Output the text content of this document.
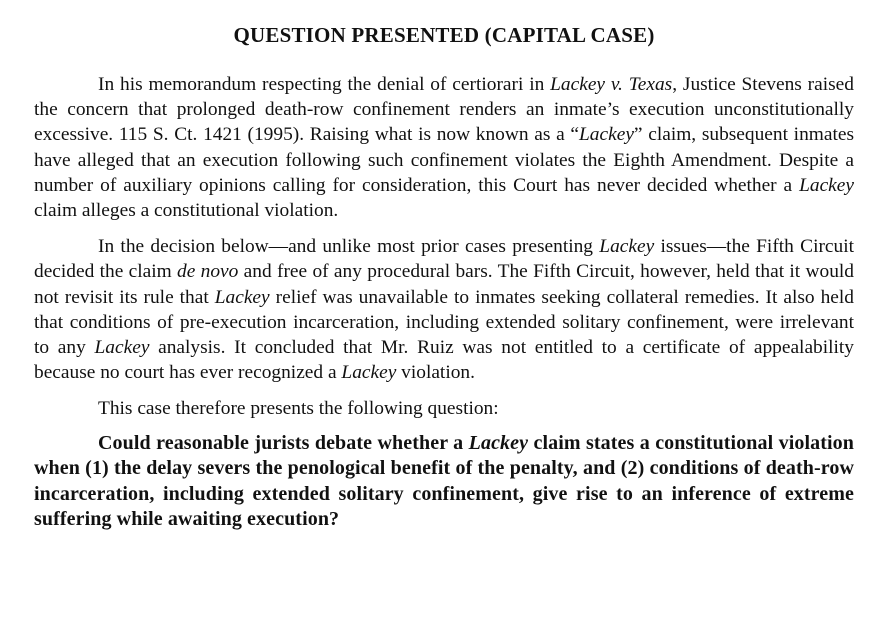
QUESTION PRESENTED (CAPITAL CASE)

In his memorandum respecting the denial of certiorari in Lackey v. Texas, Justice Stevens raised the concern that prolonged death-row confinement renders an inmate’s execution unconstitutionally excessive. 115 S. Ct. 1421 (1995). Raising what is now known as a “Lackey” claim, subsequent inmates have alleged that an execution following such confinement violates the Eighth Amendment. Despite a number of auxiliary opinions calling for consideration, this Court has never decided whether a Lackey claim alleges a constitutional violation.

In the decision below—and unlike most prior cases presenting Lackey issues—the Fifth Circuit decided the claim de novo and free of any procedural bars. The Fifth Circuit, however, held that it would not revisit its rule that Lackey relief was unavailable to inmates seeking collateral remedies. It also held that conditions of pre-execution incarceration, including extended solitary confinement, were irrelevant to any Lackey analysis. It concluded that Mr. Ruiz was not entitled to a certificate of appealability because no court has ever recognized a Lackey violation.

This case therefore presents the following question:

Could reasonable jurists debate whether a Lackey claim states a constitutional violation when (1) the delay severs the penological benefit of the penalty, and (2) conditions of death-row incarceration, including extended solitary confinement, give rise to an inference of extreme suffering while awaiting execution?
